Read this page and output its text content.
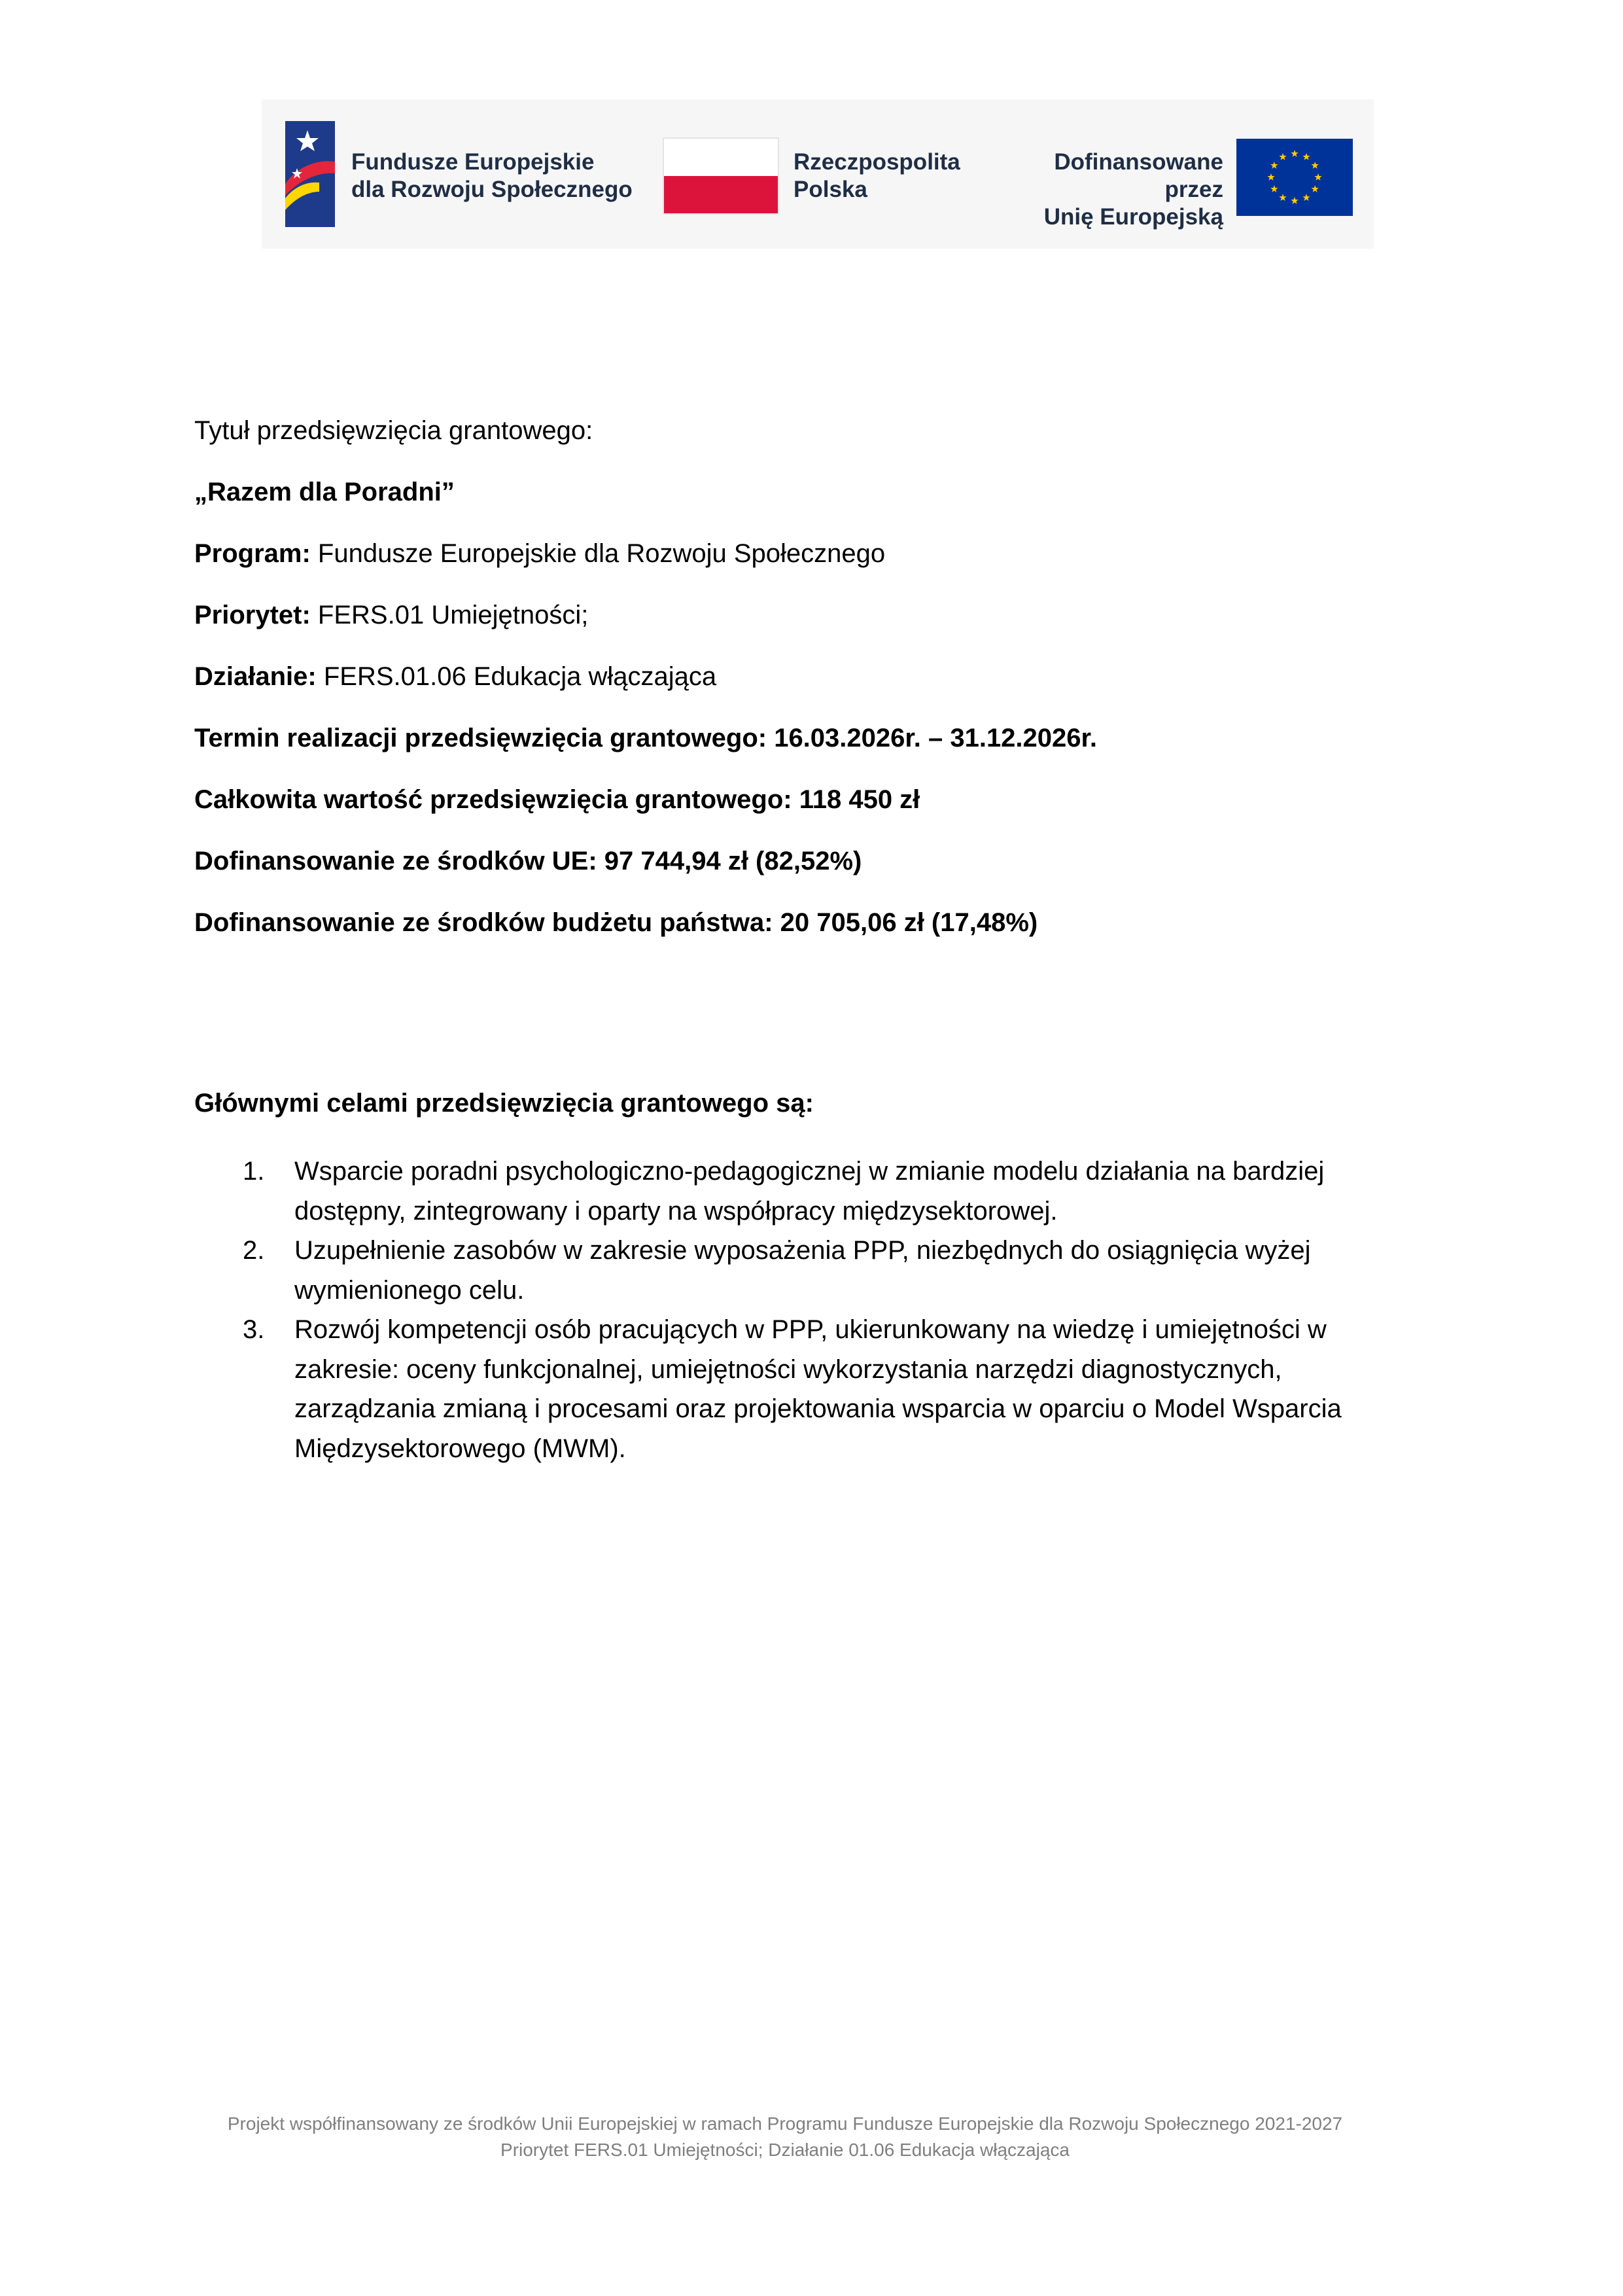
Fundusze Europejskie
dla Rozwoju Społecznego
Rzeczpospolita
Polska
Dofinansowane przez
Unię Europejską
Tytuł przedsięwzięcia grantowego:
„Razem dla Poradni”
Program: Fundusze Europejskie dla Rozwoju Społecznego
Priorytet: FERS.01 Umiejętności;
Działanie: FERS.01.06 Edukacja włączająca
Termin realizacji przedsięwzięcia grantowego: 16.03.2026r. – 31.12.2026r.
Całkowita wartość przedsięwzięcia grantowego: 118 450 zł
Dofinansowanie ze środków UE: 97 744,94 zł (82,52%)
Dofinansowanie ze środków budżetu państwa: 20 705,06 zł (17,48%)
Głównymi celami przedsięwzięcia grantowego są:
1. Wsparcie poradni psychologiczno-pedagogicznej w zmianie modelu działania na bardziej dostępny, zintegrowany i oparty na współpracy międzysektorowej.
2. Uzupełnienie zasobów w zakresie wyposażenia PPP, niezbędnych do osiągnięcia wyżej wymienionego celu.
3. Rozwój kompetencji osób pracujących w PPP, ukierunkowany na wiedzę i umiejętności w zakresie: oceny funkcjonalnej, umiejętności wykorzystania narzędzi diagnostycznych, zarządzania zmianą i procesami oraz projektowania wsparcia w oparciu o Model Wsparcia Międzysektorowego (MWM).
Projekt współfinansowany ze środków Unii Europejskiej w ramach Programu Fundusze Europejskie dla Rozwoju Społecznego 2021-2027
Priorytet FERS.01 Umiejętności; Działanie 01.06 Edukacja włączająca
